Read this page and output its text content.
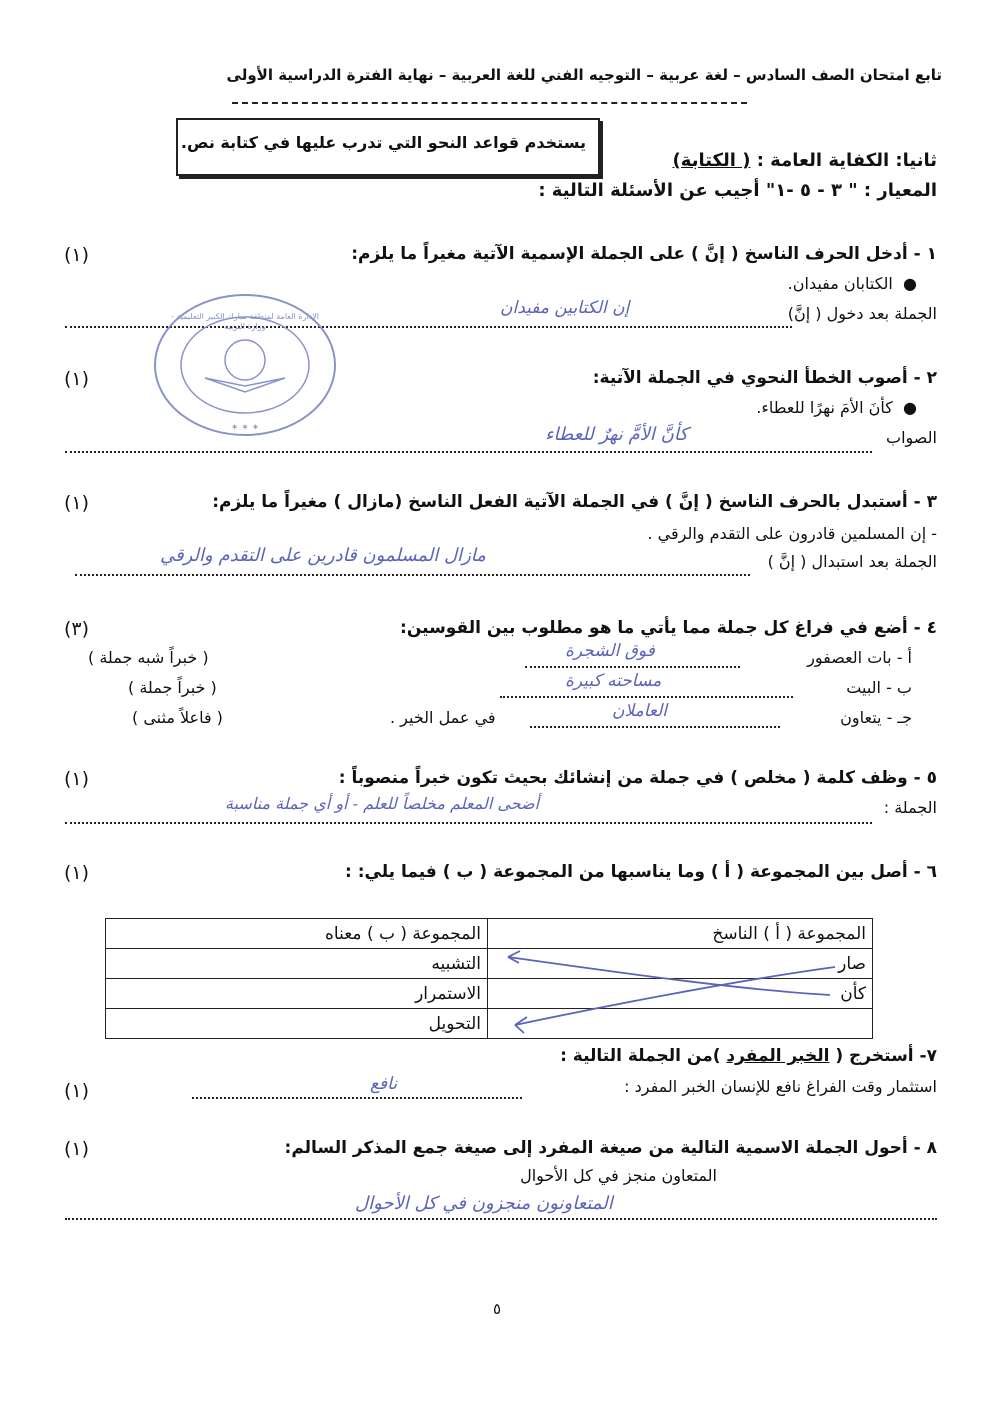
تابع امتحان الصف السادس – لغة عربية – التوجيه الفني للغة العربية – نهاية الفترة الدراسية الأولى
يستخدم قواعد النحو التي تدرب عليها في كتابة نص.
ثانيا: الكفاية العامة : ( الكتابة)
المعيار : " ٣ - ٥ -١" أجيب عن الأسئلة التالية :
١ - أدخل الحرف الناسخ ( إنَّ ) على الجملة الإسمية الآتية مغيراً ما يلزم:
(١)
●  الكتابان مفيدان.
الجملة بعد دخول ( إنَّ)
إن الكتابين مفيدان
✶ ✶ ✶
الإدارة العامة لمنطقة مبارك الكبير التعليمية - وزارة التربية
٢ - أصوب الخطأ النحوي في الجملة الآتية:
(١)
●  كأنَ الأمَ نهرًا للعطاء.
الصواب
كأنَّ الأمَّ نهرٌ للعطاء
٣ - أستبدل بالحرف الناسخ ( إنَّ ) في الجملة الآتية الفعل الناسخ (مازال ) مغيراً ما يلزم:
(١)
- إن المسلمين قادرون على التقدم والرقي .
الجملة بعد استبدال ( إنَّ )
مازال المسلمون قادرين على التقدم والرقي
٤ - أضع في فراغ كل جملة مما يأتي ما هو مطلوب بين القوسين:
(٣)
أ - بات العصفور
فوق الشجرة
( خبراً شبه جملة )
ب - البيت
مساحته كبيرة
( خبراً جملة )
جـ - يتعاون
العاملان
في عمل الخير .
( فاعلاً مثنى )
٥ - وظف كلمة ( مخلص ) في جملة من إنشائك بحيث تكون خبراً منصوباً :
(١)
الجملة :
أضحى المعلم مخلصاً للعلم - أو أي جملة مناسبة
٦ - أصل بين المجموعة ( أ ) وما يناسبها من المجموعة ( ب ) فيما يلي: :
(١)
المجموعة ( أ ) الناسخ	المجموعة ( ب ) معناه
صار	التشبيه
كأن	الاستمرار
	التحويل
٧- أستخرج ( الخبر المفرد )من الجملة التالية :
(١)	استثمار وقت الفراغ نافع للإنسان الخبر المفرد :
نافع
٨ - أحول الجملة الاسمية التالية من صيغة المفرد إلى صيغة جمع المذكر السالم:
(١)
المتعاون منجز في كل الأحوال
المتعاونون منجزون في كل الأحوال
٥
